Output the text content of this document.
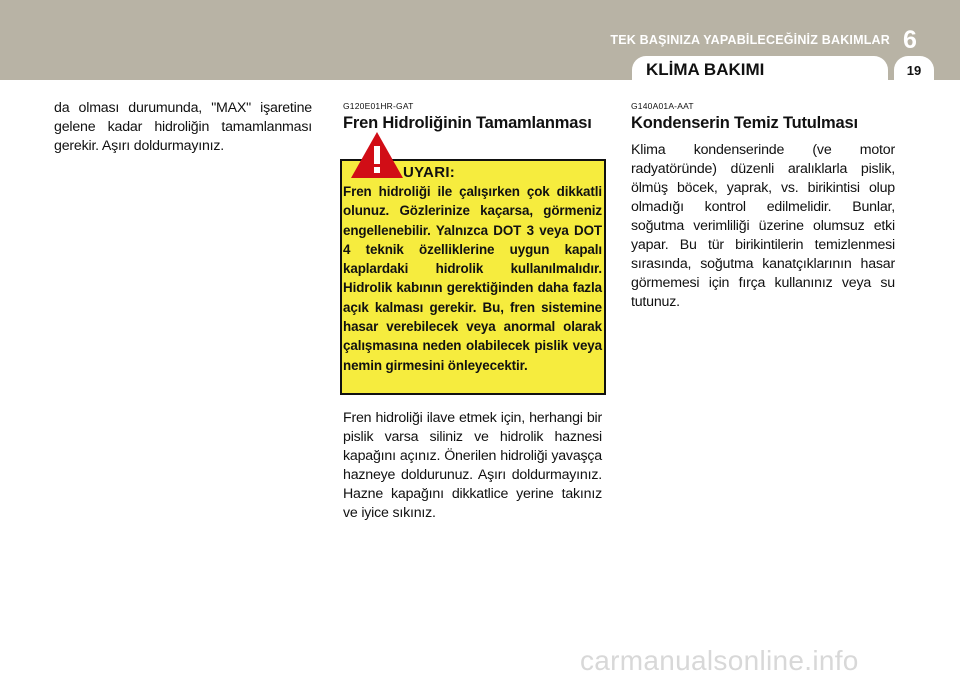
TEK BAŞINIZA YAPABİLECEĞİNİZ BAKIMLAR 6
KLİMA BAKIMI	19

da olması durumunda, "MAX" işaretine gelene kadar hidroliğin tamamlanması gerekir. Aşırı doldurmayınız.

G120E01HR-GAT

Fren Hidroliğinin Tamamlanması

UYARI:

Fren hidroliği ile çalışırken çok dikkatli olunuz. Gözlerinize kaçarsa, görmeniz engellenebilir. Yalnızca DOT 3 veya DOT 4 teknik özelliklerine uygun kapalı kaplardaki hidrolik kullanılmalıdır. Hidrolik kabının gerektiğinden daha fazla açık kalması gerekir. Bu, fren sistemine hasar verebilecek veya anormal olarak çalışmasına neden olabilecek pislik veya nemin girmesini önleyecektir.

Fren hidroliği ilave etmek için, herhangi bir pislik varsa siliniz ve hidrolik haznesi kapağını açınız. Önerilen hidroliği yavaşça hazneye doldurunuz. Aşırı doldurmayınız. Hazne kapağını dikkatlice yerine takınız ve iyice sıkınız.

G140A01A-AAT

Kondenserin Temiz Tutulması

Klima kondenserinde (ve motor radyatöründe) düzenli aralıklarla pislik, ölmüş böcek, yaprak, vs. birikintisi olup olmadığı kontrol edilmelidir. Bunlar, soğutma verimliliği üzerine olumsuz etki yapar. Bu tür birikintilerin temizlenmesi sırasında, soğutma kanatçıklarının hasar görmemesi için fırça kullanınız veya su tutunuz.

carmanualsonline.info
